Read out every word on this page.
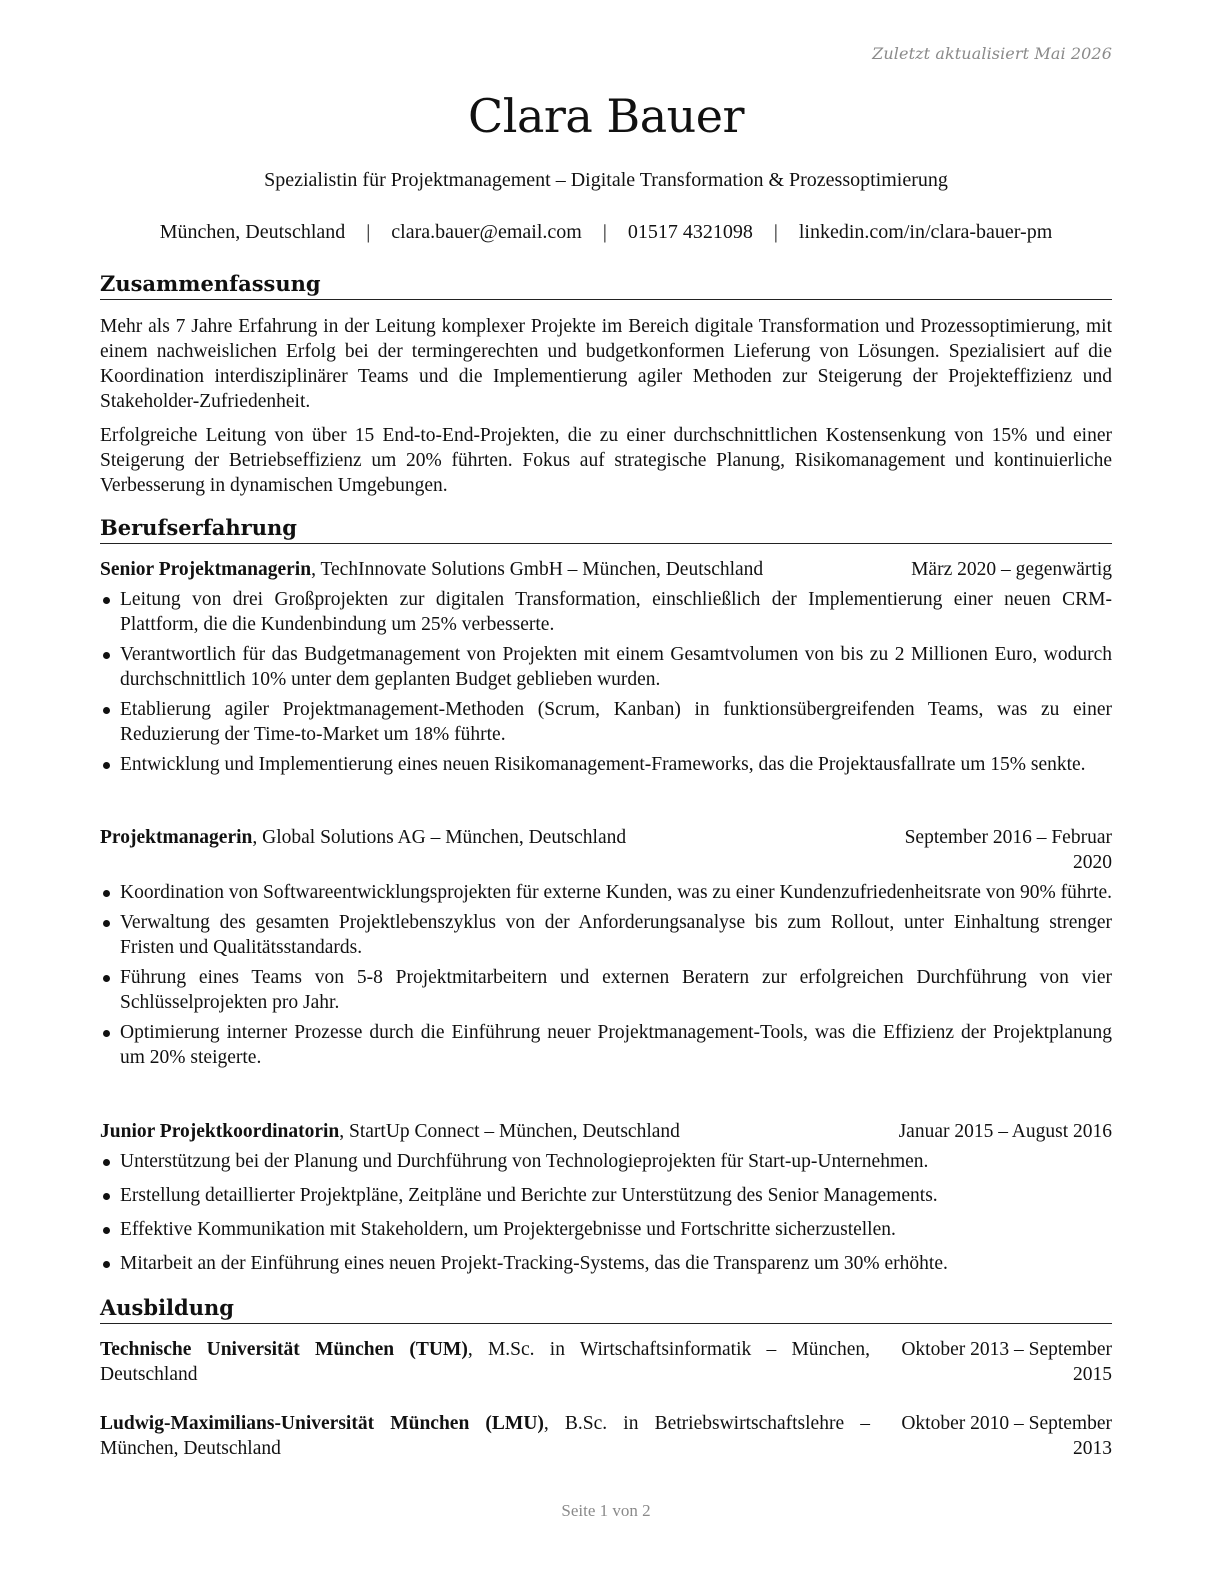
Zuletzt aktualisiert Mai 2026
Clara Bauer
Spezialistin für Projektmanagement – Digitale Transformation & Prozessoptimierung
München, Deutschland | clara.bauer@email.com | 01517 4321098 | linkedin.com/in/clara-bauer-pm
Zusammenfassung
Mehr als 7 Jahre Erfahrung in der Leitung komplexer Projekte im Bereich digitale Transformation und Prozessoptimierung, mit einem nachweislichen Erfolg bei der termingerechten und budgetkonformen Lieferung von Lösungen. Spezialisiert auf die Koordination interdisziplinärer Teams und die Implementierung agiler Methoden zur Steigerung der Projekteffizienz und Stakeholder-Zufriedenheit.
Erfolgreiche Leitung von über 15 End-to-End-Projekten, die zu einer durchschnittlichen Kostensenkung von 15% und einer Steigerung der Betriebseffizienz um 20% führten. Fokus auf strategische Planung, Risikomanagement und kontinuierliche Verbesserung in dynamischen Umgebungen.
Berufserfahrung
Senior Projektmanagerin, TechInnovate Solutions GmbH – München, Deutschland	März 2020 – gegenwärtig
Leitung von drei Großprojekten zur digitalen Transformation, einschließlich der Implementierung einer neuen CRM-Plattform, die die Kundenbindung um 25% verbesserte.
Verantwortlich für das Budgetmanagement von Projekten mit einem Gesamtvolumen von bis zu 2 Millionen Euro, wodurch durchschnittlich 10% unter dem geplanten Budget geblieben wurden.
Etablierung agiler Projektmanagement-Methoden (Scrum, Kanban) in funktionsübergreifenden Teams, was zu einer Reduzierung der Time-to-Market um 18% führte.
Entwicklung und Implementierung eines neuen Risikomanagement-Frameworks, das die Projektausfallrate um 15% senkte.
Projektmanagerin, Global Solutions AG – München, Deutschland	September 2016 – Februar 2020
Koordination von Softwareentwicklungsprojekten für externe Kunden, was zu einer Kundenzufriedenheitsrate von 90% führte.
Verwaltung des gesamten Projektlebenszyklus von der Anforderungsanalyse bis zum Rollout, unter Einhaltung strenger Fristen und Qualitätsstandards.
Führung eines Teams von 5-8 Projektmitarbeitern und externen Beratern zur erfolgreichen Durchführung von vier Schlüsselprojekten pro Jahr.
Optimierung interner Prozesse durch die Einführung neuer Projektmanagement-Tools, was die Effizienz der Projektplanung um 20% steigerte.
Junior Projektkoordinatorin, StartUp Connect – München, Deutschland	Januar 2015 – August 2016
Unterstützung bei der Planung und Durchführung von Technologieprojekten für Start-up-Unternehmen.
Erstellung detaillierter Projektpläne, Zeitpläne und Berichte zur Unterstützung des Senior Managements.
Effektive Kommunikation mit Stakeholdern, um Projektergebnisse und Fortschritte sicherzustellen.
Mitarbeit an der Einführung eines neuen Projekt-Tracking-Systems, das die Transparenz um 30% erhöhte.
Ausbildung
Technische Universität München (TUM), M.Sc. in Wirtschaftsinformatik – München, Deutschland
Oktober 2013 – September 2015
Ludwig-Maximilians-Universität München (LMU), B.Sc. in Betriebswirtschaftslehre – München, Deutschland
Oktober 2010 – September 2013
Seite 1 von 2
